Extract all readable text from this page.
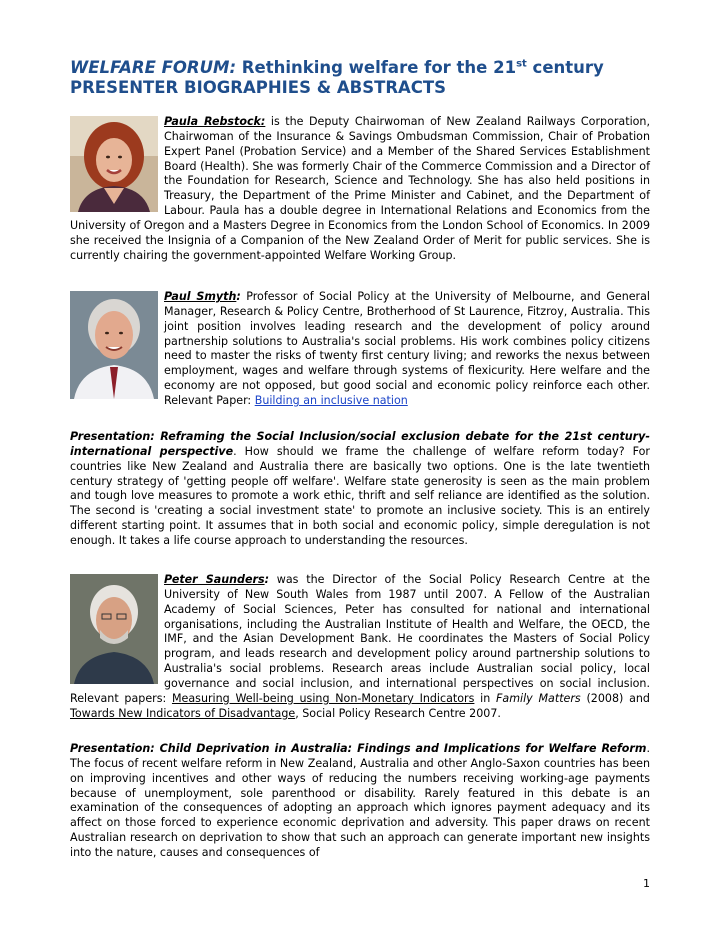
WELFARE FORUM: Rethinking welfare for the 21st century
PRESENTER BIOGRAPHIES & ABSTRACTS
Paula Rebstock: is the Deputy Chairwoman of New Zealand Railways Corporation, Chairwoman of the Insurance & Savings Ombudsman Commission, Chair of Probation Expert Panel (Probation Service) and a Member of the Shared Services Establishment Board (Health). She was formerly Chair of the Commerce Commission and a Director of the Foundation for Research, Science and Technology. She has also held positions in Treasury, the Department of the Prime Minister and Cabinet, and the Department of Labour. Paula has a double degree in International Relations and Economics from the University of Oregon and a Masters Degree in Economics from the London School of Economics. In 2009 she received the Insignia of a Companion of the New Zealand Order of Merit for public services. She is currently chairing the government-appointed Welfare Working Group.
Paul Smyth: Professor of Social Policy at the University of Melbourne, and General Manager, Research & Policy Centre, Brotherhood of St Laurence, Fitzroy, Australia. This joint position involves leading research and the development of policy around partnership solutions to Australia's social problems. His work combines policy citizens need to master the risks of twenty first century living; and reworks the nexus between employment, wages and welfare through systems of flexicurity. Here welfare and the economy are not opposed, but good social and economic policy reinforce each other. Relevant Paper: Building an inclusive nation
Presentation: Reframing the Social Inclusion/social exclusion debate for the 21st century-international perspective. How should we frame the challenge of welfare reform today? For countries like New Zealand and Australia there are basically two options. One is the late twentieth century strategy of 'getting people off welfare'. Welfare state generosity is seen as the main problem and tough love measures to promote a work ethic, thrift and self reliance are identified as the solution. The second is 'creating a social investment state' to promote an inclusive society. This is an entirely different starting point. It assumes that in both social and economic policy, simple deregulation is not enough. It takes a life course approach to understanding the resources.
Peter Saunders: was the Director of the Social Policy Research Centre at the University of New South Wales from 1987 until 2007. A Fellow of the Australian Academy of Social Sciences, Peter has consulted for national and international organisations, including the Australian Institute of Health and Welfare, the OECD, the IMF, and the Asian Development Bank. He coordinates the Masters of Social Policy program, and leads research and development policy around partnership solutions to Australia's social problems. Research areas include Australian social policy, local governance and social inclusion, and international perspectives on social inclusion. Relevant papers: Measuring Well-being using Non-Monetary Indicators in Family Matters (2008) and Towards New Indicators of Disadvantage, Social Policy Research Centre 2007.
Presentation: Child Deprivation in Australia: Findings and Implications for Welfare Reform. The focus of recent welfare reform in New Zealand, Australia and other Anglo-Saxon countries has been on improving incentives and other ways of reducing the numbers receiving working-age payments because of unemployment, sole parenthood or disability. Rarely featured in this debate is an examination of the consequences of adopting an approach which ignores payment adequacy and its affect on those forced to experience economic deprivation and adversity. This paper draws on recent Australian research on deprivation to show that such an approach can generate important new insights into the nature, causes and consequences of
1
